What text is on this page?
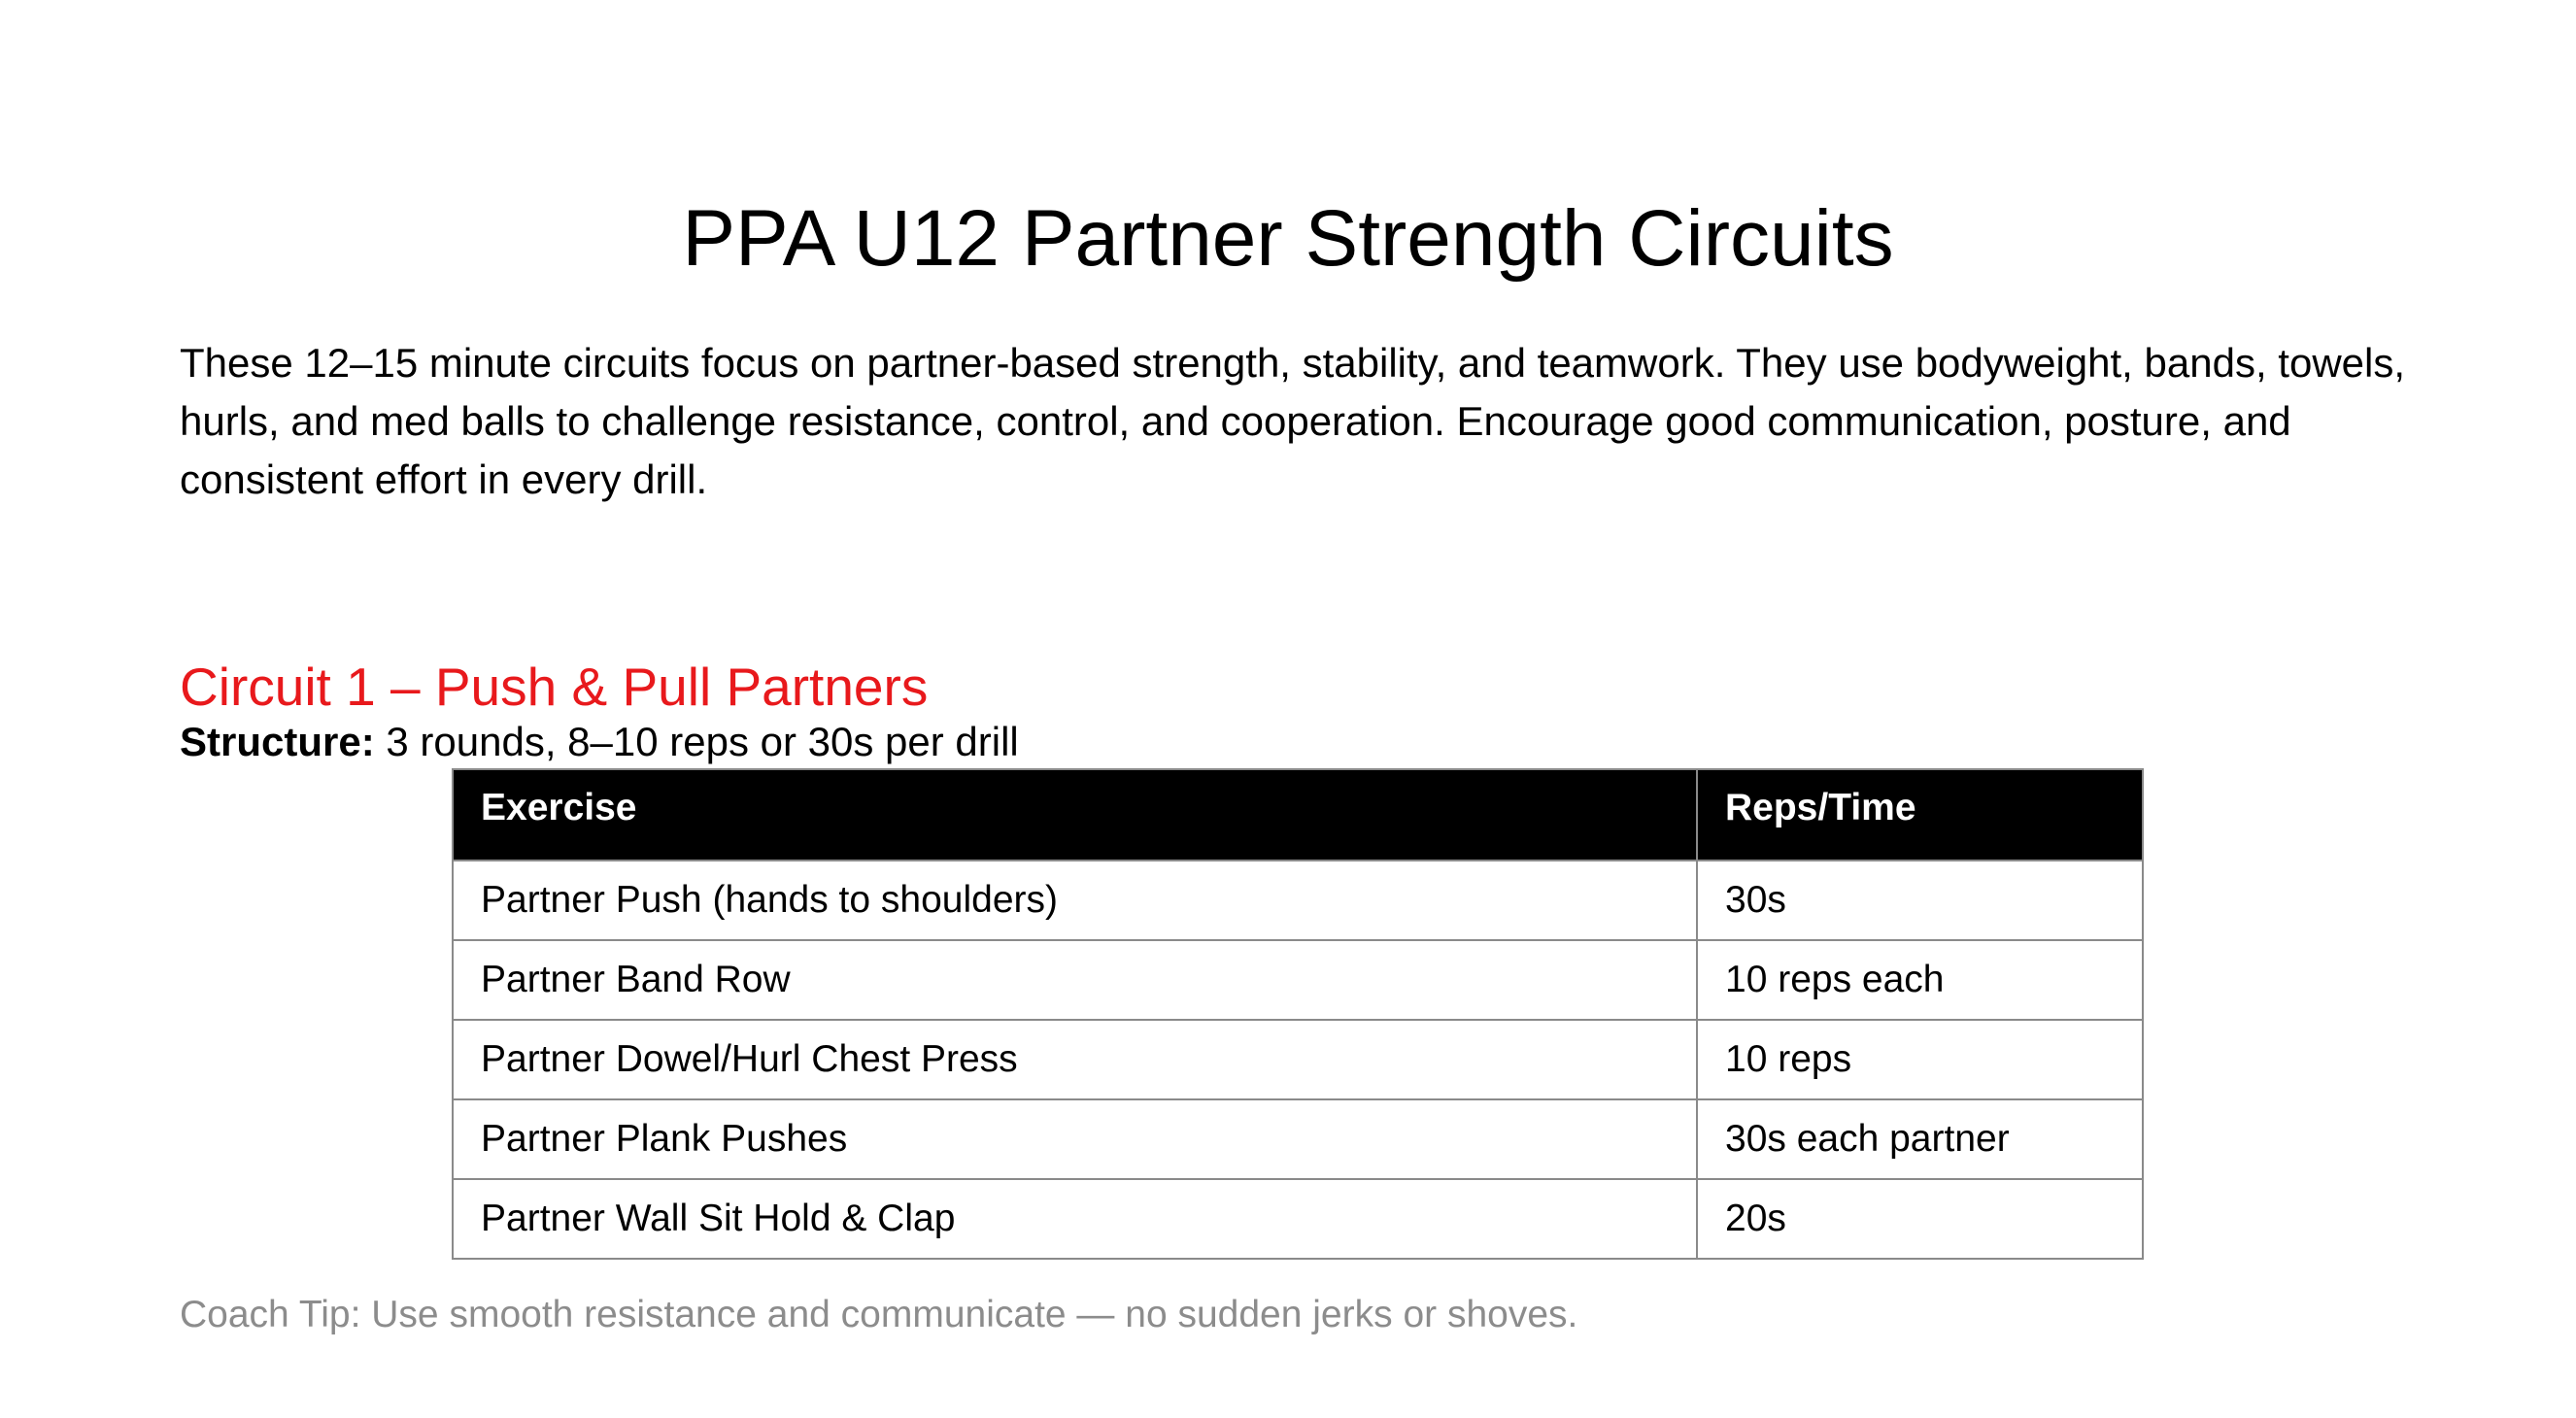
PPA U12 Partner Strength Circuits

These 12–15 minute circuits focus on partner-based strength, stability, and teamwork. They use bodyweight, bands, towels, hurls, and med balls to challenge resistance, control, and cooperation. Encourage good communication, posture, and consistent effort in every drill.

Circuit 1 – Push & Pull Partners

Structure: 3 rounds, 8–10 reps or 30s per drill

Exercise	Reps/Time
Partner Push (hands to shoulders)	30s
Partner Band Row	10 reps each
Partner Dowel/Hurl Chest Press	10 reps
Partner Plank Pushes	30s each partner
Partner Wall Sit Hold & Clap	20s

Coach Tip: Use smooth resistance and communicate — no sudden jerks or shoves.
